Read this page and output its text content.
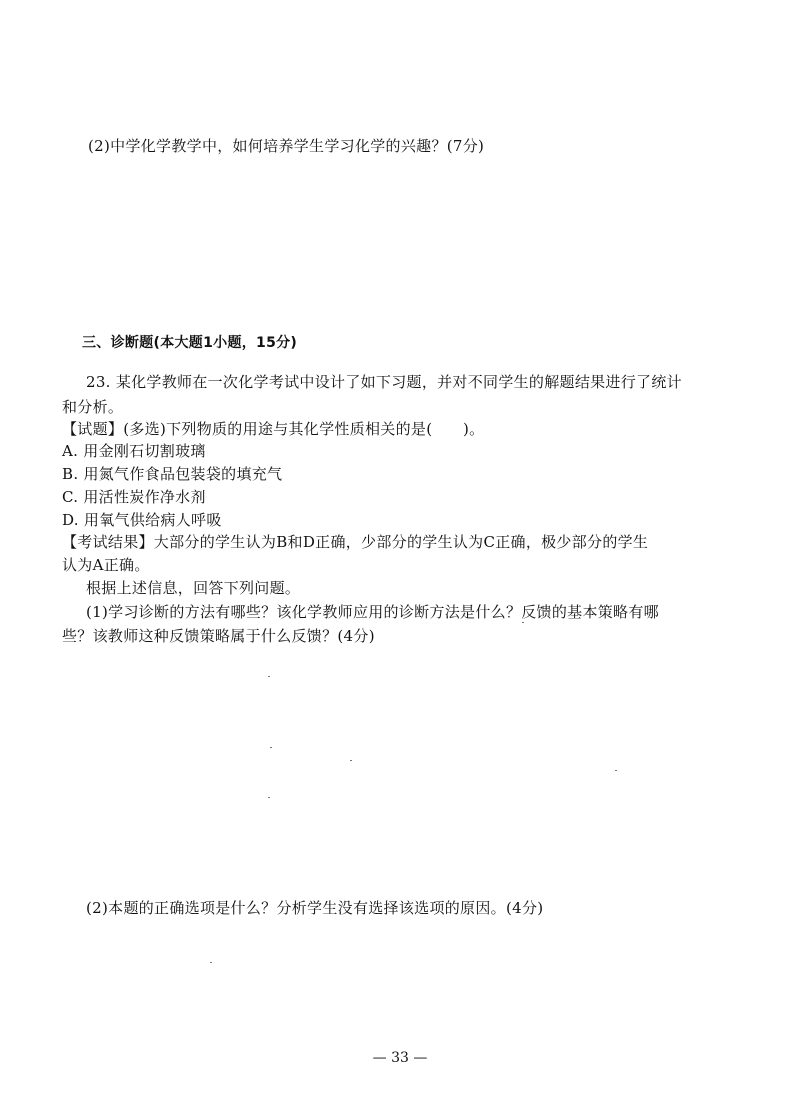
(2)中学化学教学中，如何培养学生学习化学的兴趣？(7分)
三、诊断题(本大题1小题，15分)
23. 某化学教师在一次化学考试中设计了如下习题，并对不同学生的解题结果进行了统计
和分析。
【试题】(多选)下列物质的用途与其化学性质相关的是(　　)。
A. 用金刚石切割玻璃
B. 用氮气作食品包装袋的填充气
C. 用活性炭作净水剂
D. 用氧气供给病人呼吸
【考试结果】大部分的学生认为B和D正确，少部分的学生认为C正确，极少部分的学生
认为A正确。
根据上述信息，回答下列问题。
(1)学习诊断的方法有哪些？该化学教师应用的诊断方法是什么？反馈的基本策略有哪
些？该教师这种反馈策略属于什么反馈？(4分)
(2)本题的正确选项是什么？分析学生没有选择该选项的原因。(4分)
— 33 —
